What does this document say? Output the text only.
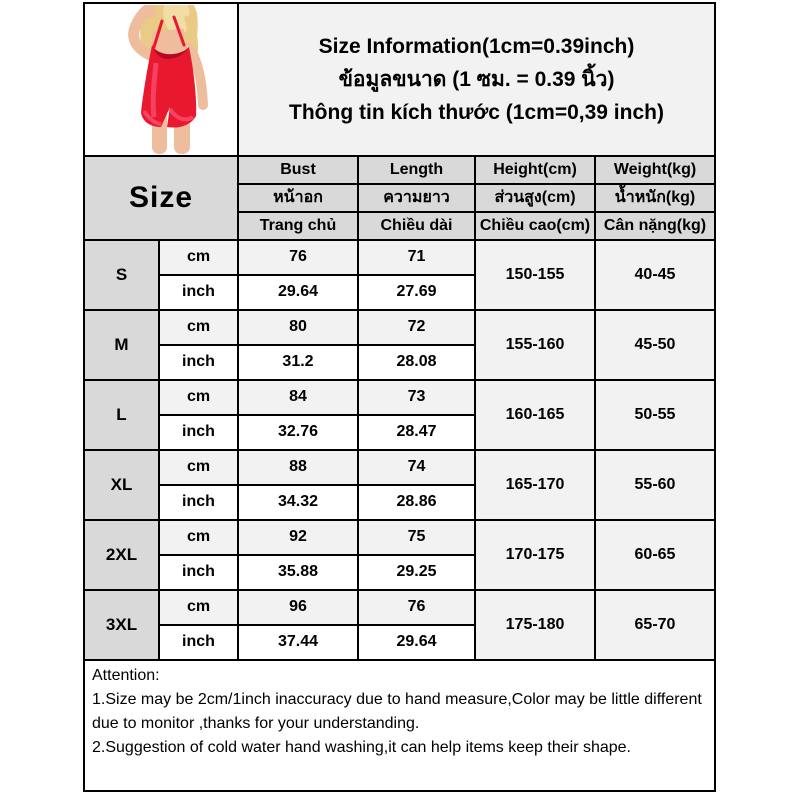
Size Information(1cm=0.39inch)
ข้อมูลขนาด (1 ซม. = 0.39 นิ้ว)
Thông tin kích thước (1cm=0,39 inch)			

Size		Bust	Length	Height(cm)	Weight(kg)
		หน้าอก	ความยาว	ส่วนสูง(cm)	น้ำหนัก(kg)
		Trang chủ	Chiều dài	Chiều cao(cm)	Cân nặng(kg)
S	cm	76	71	150-155	40-45
	inch	29.64	27.69		
M	cm	80	72	155-160	45-50
	inch	31.2	28.08		
L	cm	84	73	160-165	50-55
	inch	32.76	28.47		
XL	cm	88	74	165-170	55-60
	inch	34.32	28.86		
2XL	cm	92	75	170-175	60-65
	inch	35.88	29.25		
3XL	cm	96	76	175-180	65-70
	inch	37.44	29.64		
Attention:
1.Size may be 2cm/1inch inaccuracy due to hand measure,Color may be little different due to monitor ,thanks for your understanding.
2.Suggestion of cold water hand washing,it can help items keep their shape.
